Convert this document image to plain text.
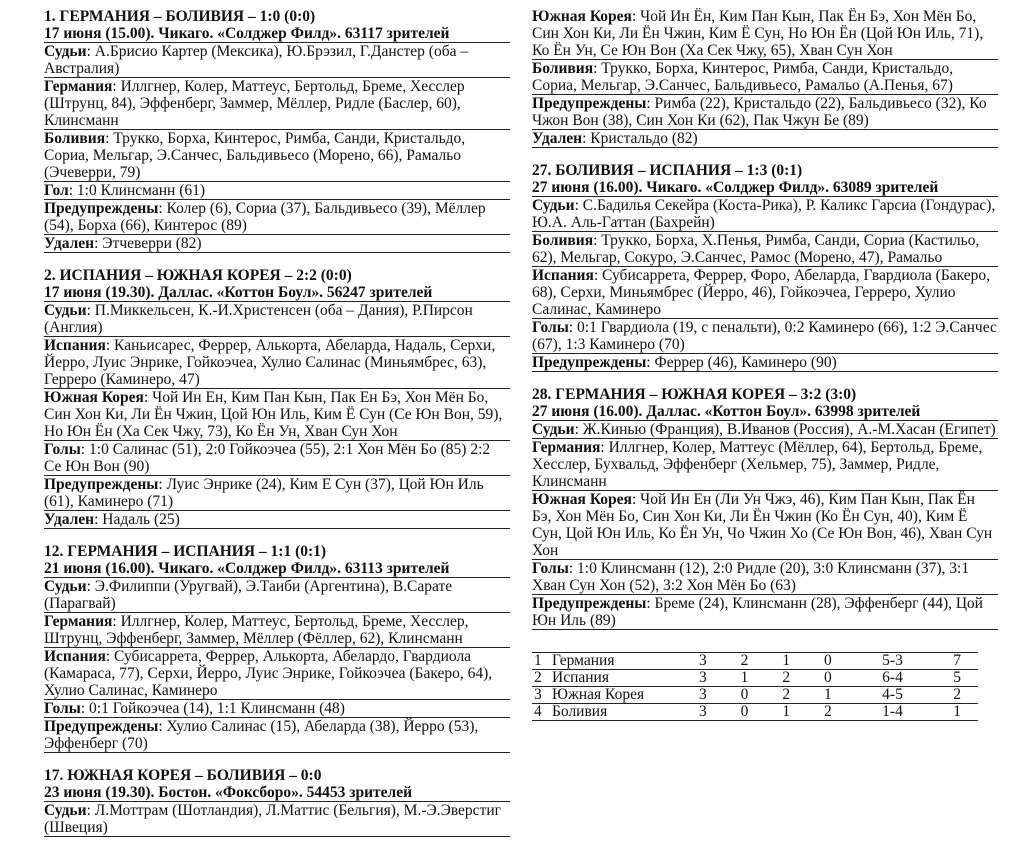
1. ГЕРМАНИЯ – БОЛИВИЯ – 1:0 (0:0)
17 июня (15.00). Чикаго. «Солджер Филд». 63117 зрителей
Судьи: А.Брисио Картер (Мексика), Ю.Брэзил, Г.Данстер (оба – Австралия)
Германия: Иллгнер, Колер, Маттеус, Бертольд, Бреме, Хесслер (Штрунц, 84), Эффенберг, Заммер, Мёллер, Ридле (Баслер, 60), Клинсманн
Боливия: Трукко, Борха, Кинтерос, Римба, Санди, Кристальдо, Сориа, Мельгар, Э.Санчес, Бальдивьесо (Морено, 66), Рамальо (Эчеверри, 79)
Гол: 1:0 Клинсманн (61)
Предупреждены: Колер (6), Сориа (37), Бальдивьесо (39), Мёллер (54), Борха (66), Кинтерос (89)
Удален: Этчеверри (82)
2. ИСПАНИЯ – ЮЖНАЯ КОРЕЯ – 2:2 (0:0)
17 июня (19.30). Даллас. «Коттон Боул». 56247 зрителей
Судьи: П.Миккельсен, К.-И.Христенсен (оба – Дания), Р.Пирсон (Англия)
Испания: Каньисарес, Феррер, Алькорта, Абеларда, Надаль, Серхи, Йерро, Луис Энрике, Гойкоэчеа, Хулио Салинас (Миньямбрес, 63), Герреро (Каминеро, 47)
Южная Корея: Чой Ин Ен, Ким Пан Кын, Пак Ен Бэ, Хон Мён Бо, Син Хон Ки, Ли Ён Чжин, Цой Юн Иль, Ким Ё Сун (Се Юн Вон, 59), Но Юн Ён (Ха Сек Чжу, 73), Ко Ён Ун, Хван Сун Хон
Голы: 1:0 Салинас (51), 2:0 Гойкоэчеа (55), 2:1 Хон Мён Бо (85) 2:2 Се Юн Вон (90)
Предупреждены: Луис Энрике (24), Ким Е Сун (37), Цой Юн Иль (61), Каминеро (71)
Удален: Надаль (25)
12. ГЕРМАНИЯ – ИСПАНИЯ – 1:1 (0:1)
21 июня (16.00). Чикаго. «Солджер Филд». 63113 зрителей
Судьи: Э.Филиппи (Уругвай), Э.Таиби (Аргентина), В.Сарате (Парагвай)
Германия: Иллгнер, Колер, Маттеус, Бертольд, Бреме, Хесслер, Штрунц, Эффенберг, Заммер, Мёллер (Фёллер, 62), Клинсманн
Испания: Субисаррета, Феррер, Алькорта, Абелардо, Гвардиола (Камараса, 77), Серхи, Йерро, Луис Энрике, Гойкоэчеа (Бакеро, 64), Хулио Салинас, Каминеро
Голы: 0:1 Гойкоэчеа (14), 1:1 Клинсманн (48)
Предупреждены: Хулио Салинас (15), Абеларда (38), Йерро (53), Эффенберг (70)
17. ЮЖНАЯ КОРЕЯ – БОЛИВИЯ – 0:0
23 июня (19.30). Бостон. «Фоксборо». 54453 зрителей
Судьи: Л.Моттрам (Шотландия), Л.Маттис (Бельгия), М.-Э.Эверстиг (Швеция)
Южная Корея: Чой Ин Ён, Ким Пан Кын, Пак Ён Бэ, Хон Мён Бо, Син Хон Ки, Ли Ён Чжин, Ким Ё Сун, Но Юн Ён (Цой Юн Иль, 71), Ко Ён Ун, Се Юн Вон (Ха Сек Чжу, 65), Хван Сун Хон
Боливия: Трукко, Борха, Кинтерос, Римба, Санди, Кристальдо, Сориа, Мельгар, Э.Санчес, Бальдивьесо, Рамальо (А.Пенья, 67)
Предупреждены: Римба (22), Кристальдо (22), Бальдивьесо (32), Ко Чжон Вон (38), Син Хон Ки (62), Пак Чжун Бе (89)
Удален: Кристальдо (82)
27. БОЛИВИЯ – ИСПАНИЯ – 1:3 (0:1)
27 июня (16.00). Чикаго. «Солджер Филд». 63089 зрителей
Судьи: С.Бадилья Секейра (Коста-Рика), Р. Каликс Гарсиа (Гондурас), Ю.А. Аль-Гаттан (Бахрейн)
Боливия: Трукко, Борха, Х.Пенья, Римба, Санди, Сориа (Кастильо, 62), Мельгар, Сокуро, Э.Санчес, Рамос (Морено, 47), Рамальо
Испания: Субисаррета, Феррер, Форо, Абеларда, Гвардиола (Бакеро, 68), Серхи, Миньямбрес (Йерро, 46), Гойкоэчеа, Герреро, Хулио Салинас, Каминеро
Голы: 0:1 Гвардиола (19, с пенальти), 0:2 Каминеро (66), 1:2 Э.Санчес (67), 1:3 Каминеро (70)
Предупреждены: Феррер (46), Каминеро (90)
28. ГЕРМАНИЯ – ЮЖНАЯ КОРЕЯ – 3:2 (3:0)
27 июня (16.00). Даллас. «Коттон Боул». 63998 зрителей
Судьи: Ж.Кинью (Франция), В.Иванов (Россия), А.-М.Хасан (Египет)
Германия: Иллгнер, Колер, Маттеус (Мёллер, 64), Бертольд, Бреме, Хесслер, Бухвальд, Эффенберг (Хельмер, 75), Заммер, Ридле, Клинсманн
Южная Корея: Чой Ин Ен (Ли Ун Чжэ, 46), Ким Пан Кын, Пак Ён Бэ, Хон Мён Бо, Син Хон Ки, Ли Ён Чжин (Ко Ён Сун, 40), Ким Ё Сун, Цой Юн Иль, Ко Ён Ун, Чо Чжин Хо (Се Юн Вон, 46), Хван Сун Хон
Голы: 1:0 Клинсманн (12), 2:0 Ридле (20), 3:0 Клинсманн (37), 3:1 Хван Сун Хон (52), 3:2 Хон Мён Бо (63)
Предупреждены: Бреме (24), Клинсманн (28), Эффенберг (44), Цой Юн Иль (89)
1	Германия	3	2	1	0	5-3	7
2	Испания	3	1	2	0	6-4	5
3	Южная Корея	3	0	2	1	4-5	2
4	Боливия	3	0	1	2	1-4	1
